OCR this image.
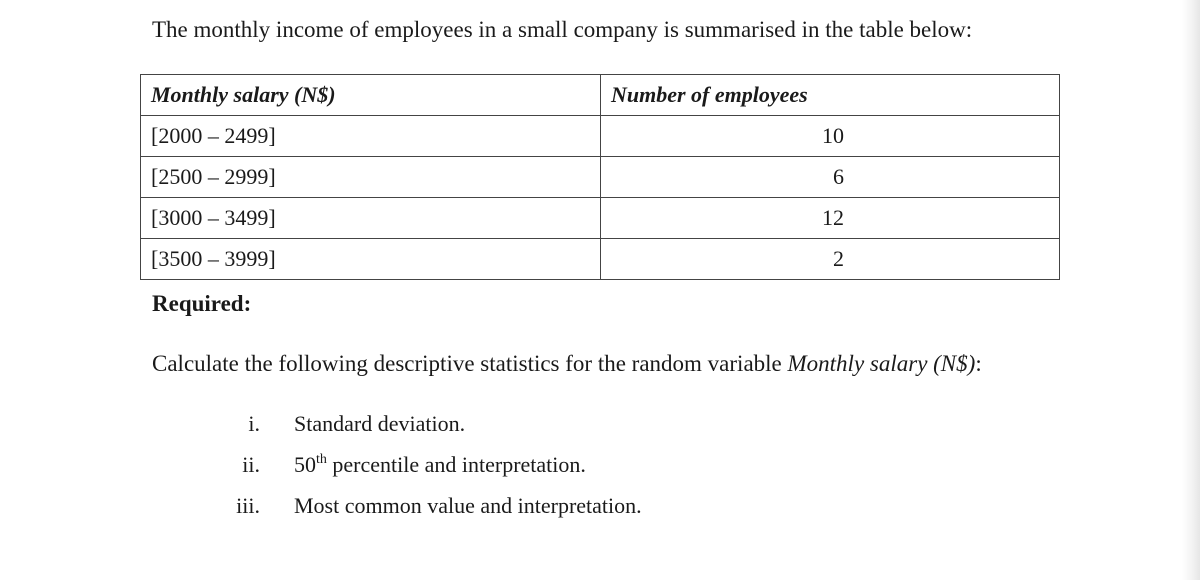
The monthly income of employees in a small company is summarised in the table below:

Monthly salary (N$)	Number of employees
[2000 – 2499]	10
[2500 – 2999]	6
[3000 – 3499]	12
[3500 – 3999]	2

Required:

Calculate the following descriptive statistics for the random variable Monthly salary (N$):

i. Standard deviation.
ii. 50th percentile and interpretation.
iii. Most common value and interpretation.
